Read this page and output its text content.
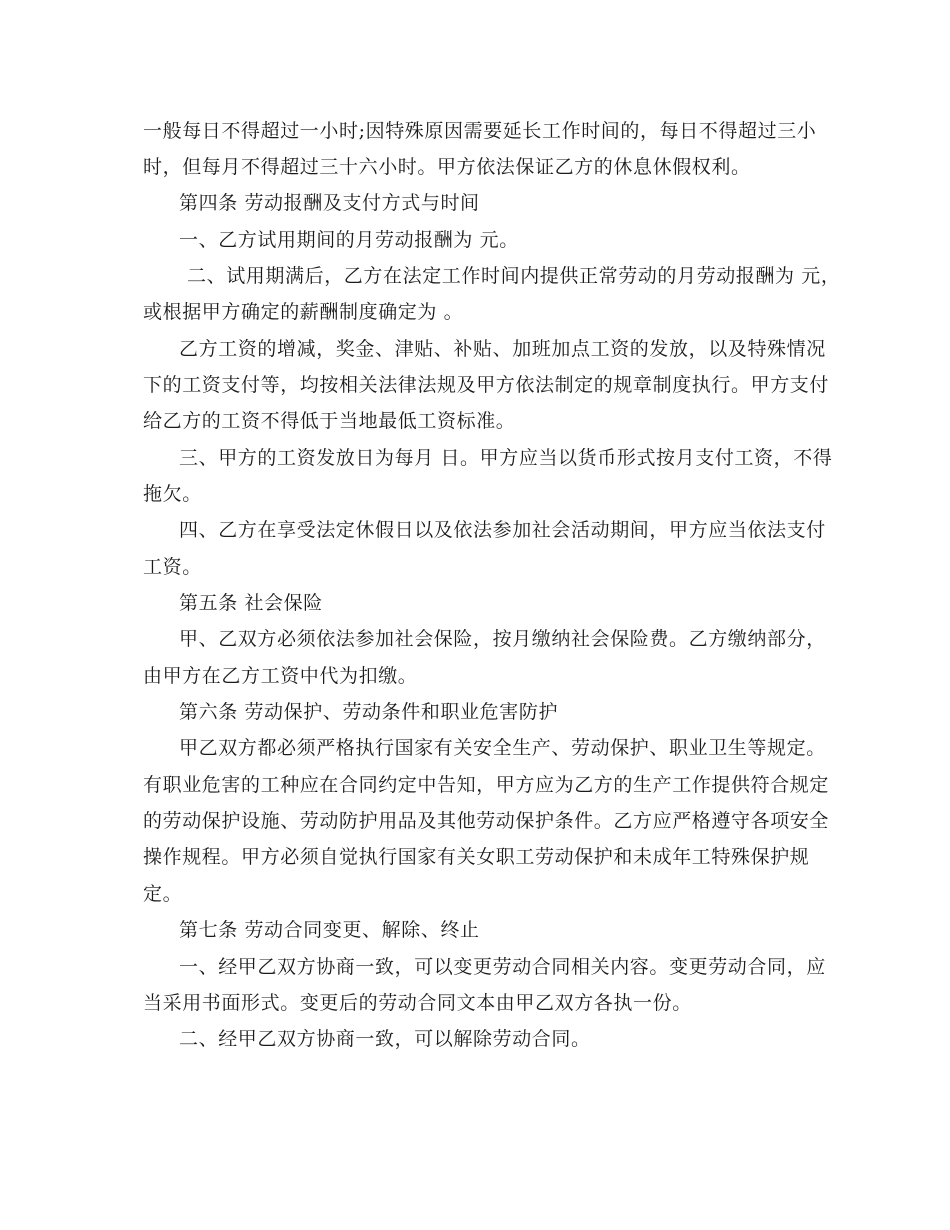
一般每日不得超过一小时;因特殊原因需要延长工作时间的，每日不得超过三小
时，但每月不得超过三十六小时。甲方依法保证乙方的休息休假权利。
第四条 劳动报酬及支付方式与时间
一、乙方试用期间的月劳动报酬为 元。
二、试用期满后，乙方在法定工作时间内提供正常劳动的月劳动报酬为 元，
或根据甲方确定的薪酬制度确定为 。
乙方工资的增减，奖金、津贴、补贴、加班加点工资的发放，以及特殊情况
下的工资支付等，均按相关法律法规及甲方依法制定的规章制度执行。甲方支付
给乙方的工资不得低于当地最低工资标准。
三、甲方的工资发放日为每月 日。甲方应当以货币形式按月支付工资，不得
拖欠。
四、乙方在享受法定休假日以及依法参加社会活动期间，甲方应当依法支付
工资。
第五条 社会保险
甲、乙双方必须依法参加社会保险，按月缴纳社会保险费。乙方缴纳部分，
由甲方在乙方工资中代为扣缴。
第六条 劳动保护、劳动条件和职业危害防护
甲乙双方都必须严格执行国家有关安全生产、劳动保护、职业卫生等规定。
有职业危害的工种应在合同约定中告知，甲方应为乙方的生产工作提供符合规定
的劳动保护设施、劳动防护用品及其他劳动保护条件。乙方应严格遵守各项安全
操作规程。甲方必须自觉执行国家有关女职工劳动保护和未成年工特殊保护规
定。
第七条 劳动合同变更、解除、终止
一、经甲乙双方协商一致，可以变更劳动合同相关内容。变更劳动合同，应
当采用书面形式。变更后的劳动合同文本由甲乙双方各执一份。
二、经甲乙双方协商一致，可以解除劳动合同。
